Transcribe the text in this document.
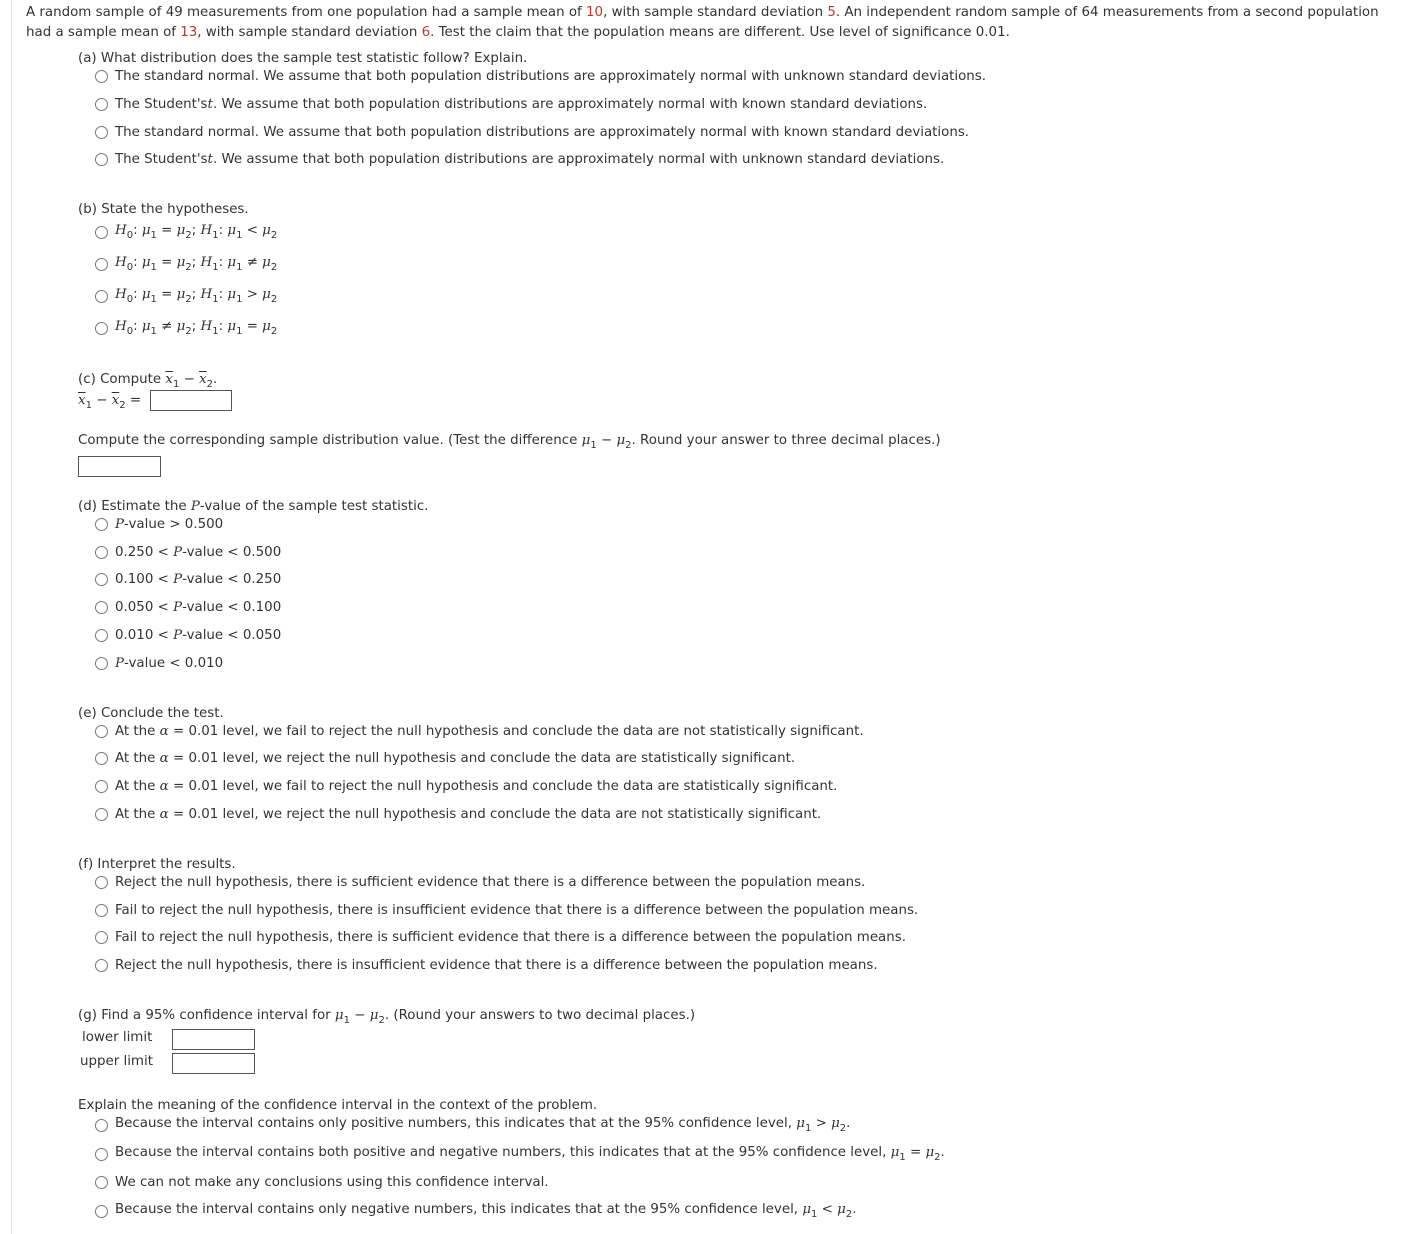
A random sample of 49 measurements from one population had a sample mean of 10, with sample standard deviation 5. An independent random sample of 64 measurements from a second population had a sample mean of 13, with sample standard deviation 6. Test the claim that the population means are different. Use level of significance 0.01.
(a) What distribution does the sample test statistic follow? Explain.
The standard normal. We assume that both population distributions are approximately normal with unknown standard deviations.
The Student's t . We assume that both population distributions are approximately normal with known standard deviations.
The standard normal. We assume that both population distributions are approximately normal with known standard deviations.
The Student's t . We assume that both population distributions are approximately normal with unknown standard deviations.
(b) State the hypotheses.
$H_0$: $\mu_1 = \mu_2$; $H_1$: $\mu_1 < \mu_2$
$H_0$: $\mu_1 = \mu_2$; $H_1$: $\mu_1 \ne \mu_2$
$H_0$: $\mu_1 = \mu_2$; $H_1$: $\mu_1 > \mu_2$
$H_0$: $\mu_1 \ne \mu_2$; $H_1$: $\mu_1 = \mu_2$
(c) Compute $\overline{x}_1 - \overline{x}_2$.
$\overline{x}_1 - \overline{x}_2$ =
Compute the corresponding sample distribution value. (Test the difference $\mu_1 - \mu_2$. Round your answer to three decimal places.)
(d) Estimate the P-value of the sample test statistic.
P-value > 0.500
0.250 < P-value < 0.500
0.100 < P-value < 0.250
0.050 < P-value < 0.100
0.010 < P-value < 0.050
P-value < 0.010
(e) Conclude the test.
At the α = 0.01 level, we fail to reject the null hypothesis and conclude the data are not statistically significant.
At the α = 0.01 level, we reject the null hypothesis and conclude the data are statistically significant.
At the α = 0.01 level, we fail to reject the null hypothesis and conclude the data are statistically significant.
At the α = 0.01 level, we reject the null hypothesis and conclude the data are not statistically significant.
(f) Interpret the results.
Reject the null hypothesis, there is sufficient evidence that there is a difference between the population means.
Fail to reject the null hypothesis, there is insufficient evidence that there is a difference between the population means.
Fail to reject the null hypothesis, there is sufficient evidence that there is a difference between the population means.
Reject the null hypothesis, there is insufficient evidence that there is a difference between the population means.
(g) Find a 95% confidence interval for $\mu_1 - \mu_2$. (Round your answers to two decimal places.)
lower limit
upper limit
Explain the meaning of the confidence interval in the context of the problem.
Because the interval contains only positive numbers, this indicates that at the 95% confidence level, $\mu_1 > \mu_2$.
Because the interval contains both positive and negative numbers, this indicates that at the 95% confidence level, $\mu_1 = \mu_2$.
We can not make any conclusions using this confidence interval.
Because the interval contains only negative numbers, this indicates that at the 95% confidence level, $\mu_1 < \mu_2$.
